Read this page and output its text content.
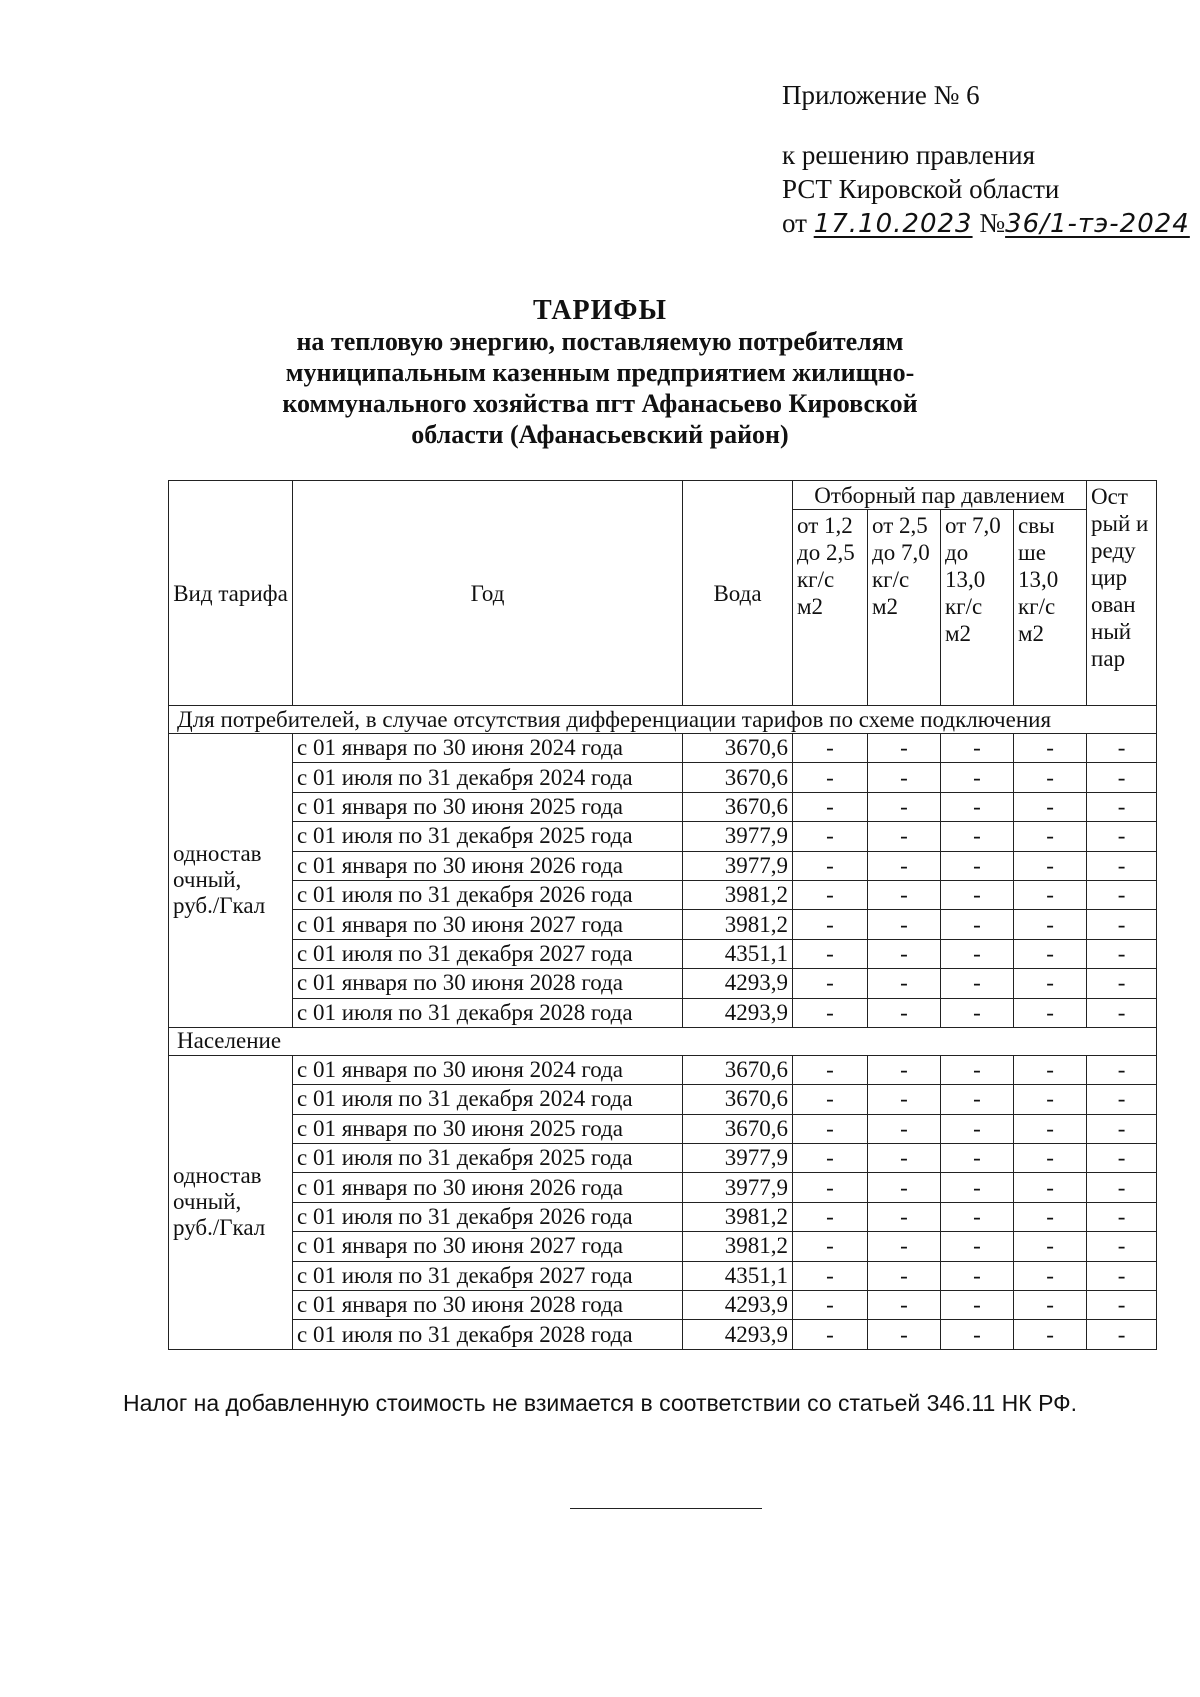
Приложение № 6
к решению правления
РСТ Кировской области
от 17.10.2023 №36/1-тэ-2024
ТАРИФЫ
на тепловую энергию, поставляемую потребителям
муниципальным казенным предприятием жилищно-
коммунального хозяйства пгт Афанасьево Кировской
области (Афанасьевский район)
Вид тарифа	Год	Вода	Отборный пар давлением				Ост рый и реду цир ован ный пар
			от 1,2 до 2,5 кг/с м2	от 2,5 до 7,0 кг/с м2	от 7,0 до 13,0 кг/с м2	свы ше 13,0 кг/с м2	
Для потребителей, в случае отсутствия дифференциации тарифов по схеме подключения							
одностав очный, руб./Гкал	с 01 января по 30 июня 2024 года	3670,6	-	-	-	-	-
	с 01 июля по 31 декабря 2024 года	3670,6	-	-	-	-	-
	с 01 января по 30 июня 2025 года	3670,6	-	-	-	-	-
	с 01 июля по 31 декабря 2025 года	3977,9	-	-	-	-	-
	с 01 января по 30 июня 2026 года	3977,9	-	-	-	-	-
	с 01 июля по 31 декабря 2026 года	3981,2	-	-	-	-	-
	с 01 января по 30 июня 2027 года	3981,2	-	-	-	-	-
	с 01 июля по 31 декабря 2027 года	4351,1	-	-	-	-	-
	с 01 января по 30 июня 2028 года	4293,9	-	-	-	-	-
	с 01 июля по 31 декабря 2028 года	4293,9	-	-	-	-	-
Население							
одностав очный, руб./Гкал	с 01 января по 30 июня 2024 года	3670,6	-	-	-	-	-
	с 01 июля по 31 декабря 2024 года	3670,6	-	-	-	-	-
	с 01 января по 30 июня 2025 года	3670,6	-	-	-	-	-
	с 01 июля по 31 декабря 2025 года	3977,9	-	-	-	-	-
	с 01 января по 30 июня 2026 года	3977,9	-	-	-	-	-
	с 01 июля по 31 декабря 2026 года	3981,2	-	-	-	-	-
	с 01 января по 30 июня 2027 года	3981,2	-	-	-	-	-
	с 01 июля по 31 декабря 2027 года	4351,1	-	-	-	-	-
	с 01 января по 30 июня 2028 года	4293,9	-	-	-	-	-
	с 01 июля по 31 декабря 2028 года	4293,9	-	-	-	-	-
Налог на добавленную стоимость не взимается в соответствии со статьей 346.11 НК РФ.
